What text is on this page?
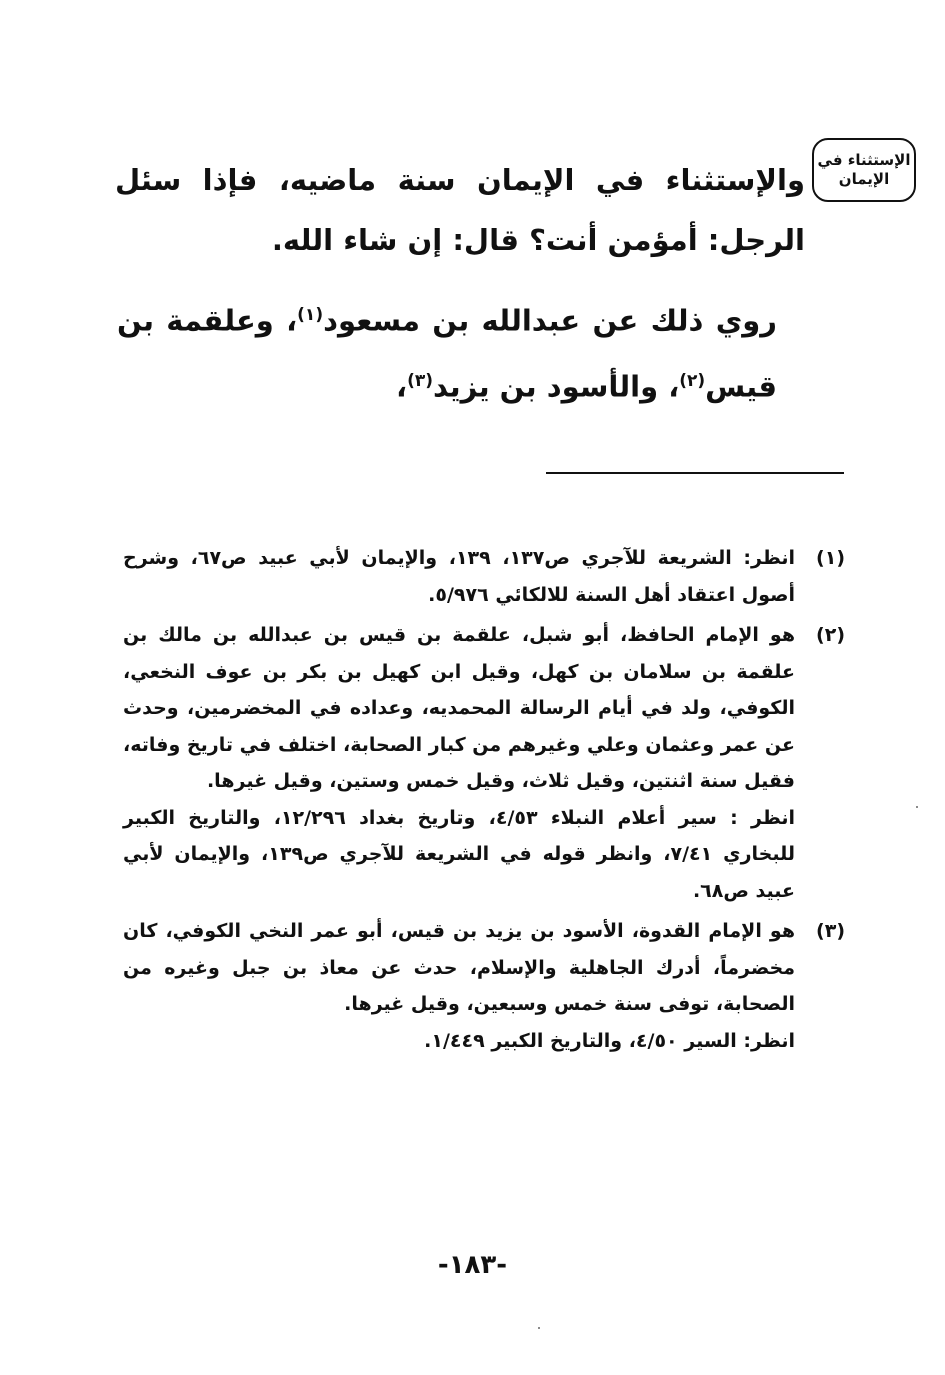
الإستثناء في الإيمان
والإستثناء في الإيمان سنة ماضيه، فإذا سئل الرجل: أمؤمن أنت؟ قال: إن شاء الله.
روي ذلك عن عبدالله بن مسعود$^{(١)}$، وعلقمة بن قيس$^{(٢)}$، والأسود بن يزيد$^{(٣)}$،
(١)

انظر: الشريعة للآجري ص١٣٧، ١٣٩، والإيمان لأبي عبيد ص٦٧، وشرح أصول اعتقاد أهل السنة للالكائي ٥/٩٧٦.

(٢)

هو الإمام الحافظ، أبو شبل، علقمة بن قيس بن عبدالله بن مالك بن علقمة بن سلامان بن كهل، وقيل ابن كهيل بن بكر بن عوف النخعي، الكوفي، ولد في أيام الرسالة المحمديه، وعداده في المخضرمين، وحدث عن عمر وعثمان وعلي وغيرهم من كبار الصحابة، اختلف في تاريخ وفاته، فقيل سنة اثنتين، وقيل ثلاث، وقيل خمس وستين، وقيل غيرها.

انظر : سير أعلام النبلاء ٤/٥٣، وتاريخ بغداد ١٢/٢٩٦، والتاريخ الكبير للبخاري ٧/٤١، وانظر قوله في الشريعة للآجري ص١٣٩، والإيمان لأبي عبيد ص٦٨.

(٣)

هو الإمام القدوة، الأسود بن يزيد بن قيس، أبو عمر النخي الكوفي، كان مخضرماً، أدرك الجاهلية والإسلام، حدث عن معاذ بن جبل وغيره من الصحابة، توفى سنة خمس وسبعين، وقيل غيرها.

انظر: السير ٤/٥٠، والتاريخ الكبير ١/٤٤٩.

-١٨٣-
